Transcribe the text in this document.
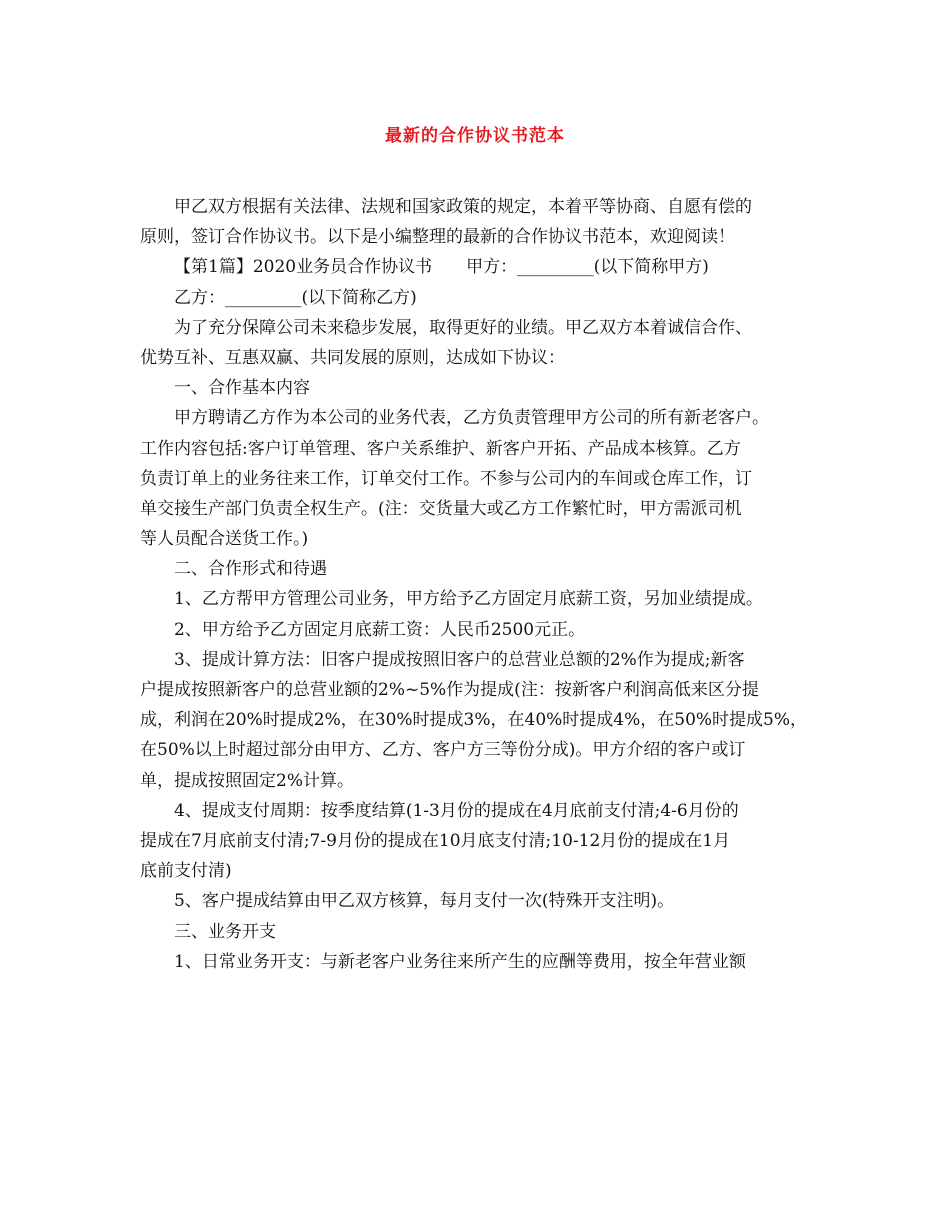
最新的合作协议书范本
甲乙双方根据有关法律、法规和国家政策的规定，本着平等协商、自愿有偿的
原则，签订合作协议书。以下是小编整理的最新的合作协议书范本，欢迎阅读！
【第1篇】2020业务员合作协议书　　甲方：_________(以下简称甲方)
乙方：_________(以下简称乙方)
为了充分保障公司未来稳步发展，取得更好的业绩。甲乙双方本着诚信合作、
优势互补、互惠双赢、共同发展的原则，达成如下协议：
一、合作基本内容
甲方聘请乙方作为本公司的业务代表，乙方负责管理甲方公司的所有新老客户。
工作内容包括:客户订单管理、客户关系维护、新客户开拓、产品成本核算。乙方
负责订单上的业务往来工作，订单交付工作。不参与公司内的车间或仓库工作，订
单交接生产部门负责全权生产。(注：交货量大或乙方工作繁忙时，甲方需派司机
等人员配合送货工作。)
二、合作形式和待遇
1、乙方帮甲方管理公司业务，甲方给予乙方固定月底薪工资，另加业绩提成。
2、甲方给予乙方固定月底薪工资：人民币2500元正。
3、提成计算方法：旧客户提成按照旧客户的总营业总额的2%作为提成;新客
户提成按照新客户的总营业额的2%~5%作为提成(注：按新客户利润高低来区分提
成，利润在20%时提成2%，在30%时提成3%，在40%时提成4%，在50%时提成5%，
在50%以上时超过部分由甲方、乙方、客户方三等份分成)。甲方介绍的客户或订
单，提成按照固定2%计算。
4、提成支付周期：按季度结算(1-3月份的提成在4月底前支付清;4-6月份的
提成在7月底前支付清;7-9月份的提成在10月底支付清;10-12月份的提成在1月
底前支付清)
5、客户提成结算由甲乙双方核算，每月支付一次(特殊开支注明)。
三、业务开支
1、日常业务开支：与新老客户业务往来所产生的应酬等费用，按全年营业额
